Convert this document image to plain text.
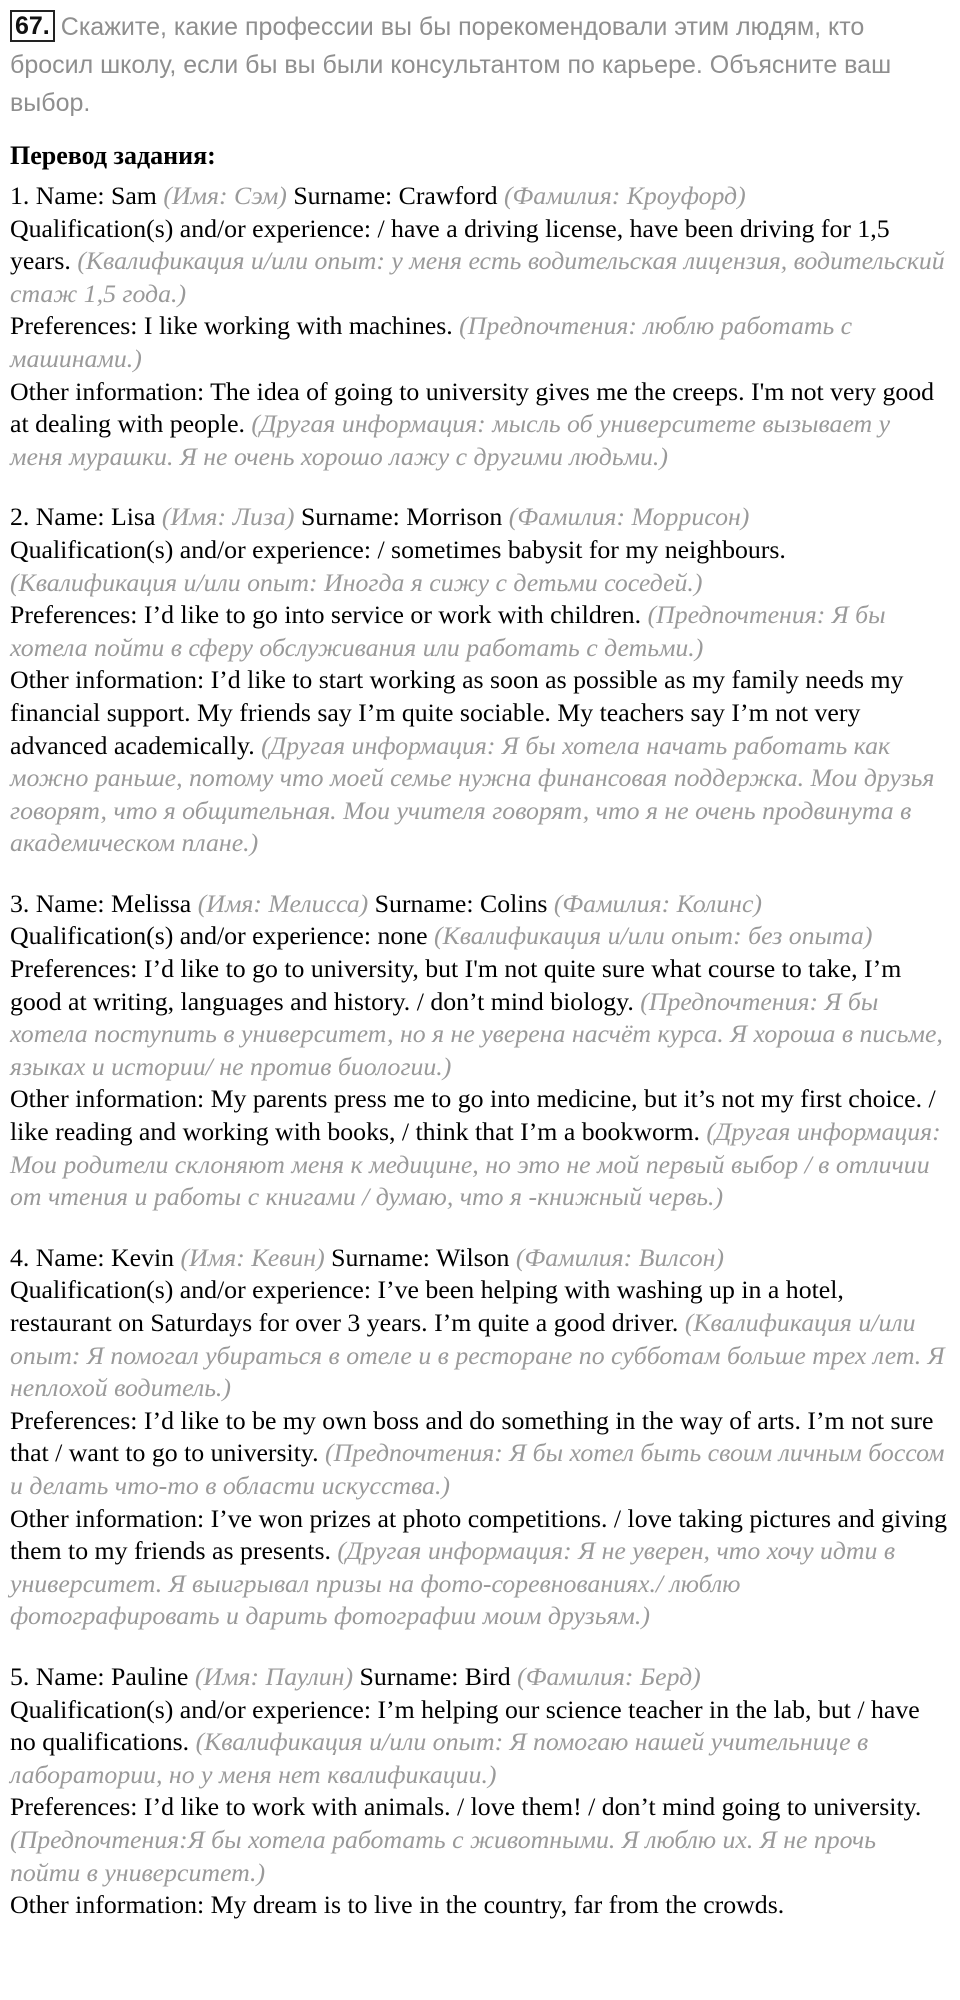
67. Скажите, какие профессии вы бы порекомендовали этим людям, кто бросил школу, если бы вы были консультантом по карьере. Объясните ваш выбор.

Перевод задания:

1. Name: Sam (Имя: Сэм) Surname: Crawford (Фамилия: Кроуфорд)

Qualification(s) and/or experience: / have a driving license, have been driving for 1,5 years. (Квалификация и/или опыт: у меня есть водительская лицензия, водительский стаж 1,5 года.)

Preferences: I like working with machines. (Предпочтения: люблю работать с машинами.)

Other information: The idea of going to university gives me the creeps. I'm not very good at dealing with people. (Другая информация: мысль об университете вызывает у меня мурашки. Я не очень хорошо лажу с другими людьми.)

2. Name: Lisa (Имя: Лиза) Surname: Morrison (Фамилия: Моррисон)

Qualification(s) and/or experience: / sometimes babysit for my neighbours. (Квалификация и/или опыт: Иногда я сижу с детьми соседей.)

Preferences: I’d like to go into service or work with children. (Предпочтения: Я бы хотела пойти в сферу обслуживания или работать с детьми.)

Other information: I’d like to start working as soon as possible as my family needs my financial support. My friends say I’m quite sociable. My teachers say I’m not very advanced academically. (Другая информация: Я бы хотела начать работать как можно раньше, потому что моей семье нужна финансовая поддержка. Мои друзья говорят, что я общительная. Мои учителя говорят, что я не очень продвинута в академическом плане.)

3. Name: Melissa (Имя: Мелисса) Surname: Colins (Фамилия: Колинс)

Qualification(s) and/or experience: none (Квалификация и/или опыт: без опыта)

Preferences: I’d like to go to university, but I'm not quite sure what course to take, I’m good at writing, languages and history. / don’t mind biology. (Предпочтения: Я бы хотела поступить в университет, но я не уверена насчёт курса. Я хороша в письме, языках и истории/ не против биологии.)

Other information: My parents press me to go into medicine, but it’s not my first choice. / like reading and working with books, / think that I’m a bookworm. (Другая информация: Мои родители склоняют меня к медицине, но это не мой первый выбор / в отличии от чтения и работы с книгами / думаю, что я -книжный червь.)

4. Name: Kevin (Имя: Кевин) Surname: Wilson (Фамилия: Вилсон)

Qualification(s) and/or experience: I’ve been helping with washing up in a hotel, restaurant on Saturdays for over 3 years. I’m quite a good driver. (Квалификация и/или опыт: Я помогал убираться в отеле и в ресторане по субботам больше трех лет. Я неплохой водитель.)

Preferences: I’d like to be my own boss and do something in the way of arts. I’m not sure that / want to go to university. (Предпочтения: Я бы хотел быть своим личным боссом и делать что-то в области искусства.)

Other information: I’ve won prizes at photo competitions. / love taking pictures and giving them to my friends as presents. (Другая информация: Я не уверен, что хочу идти в университет. Я выигрывал призы на фото-соревнованиях./ люблю фотографировать и дарить фотографии моим друзьям.)

5. Name: Pauline (Имя: Паулин) Surname: Bird (Фамилия: Берд)

Qualification(s) and/or experience: I’m helping our science teacher in the lab, but / have no qualifications. (Квалификация и/или опыт: Я помогаю нашей учительнице в лаборатории, но у меня нет квалификации.)

Preferences: I’d like to work with animals. / love them! / don’t mind going to university. (Предпочтения:Я бы хотела работать с животными. Я люблю их. Я не прочь пойти в университет.)

Other information: My dream is to live in the country, far from the crowds.
